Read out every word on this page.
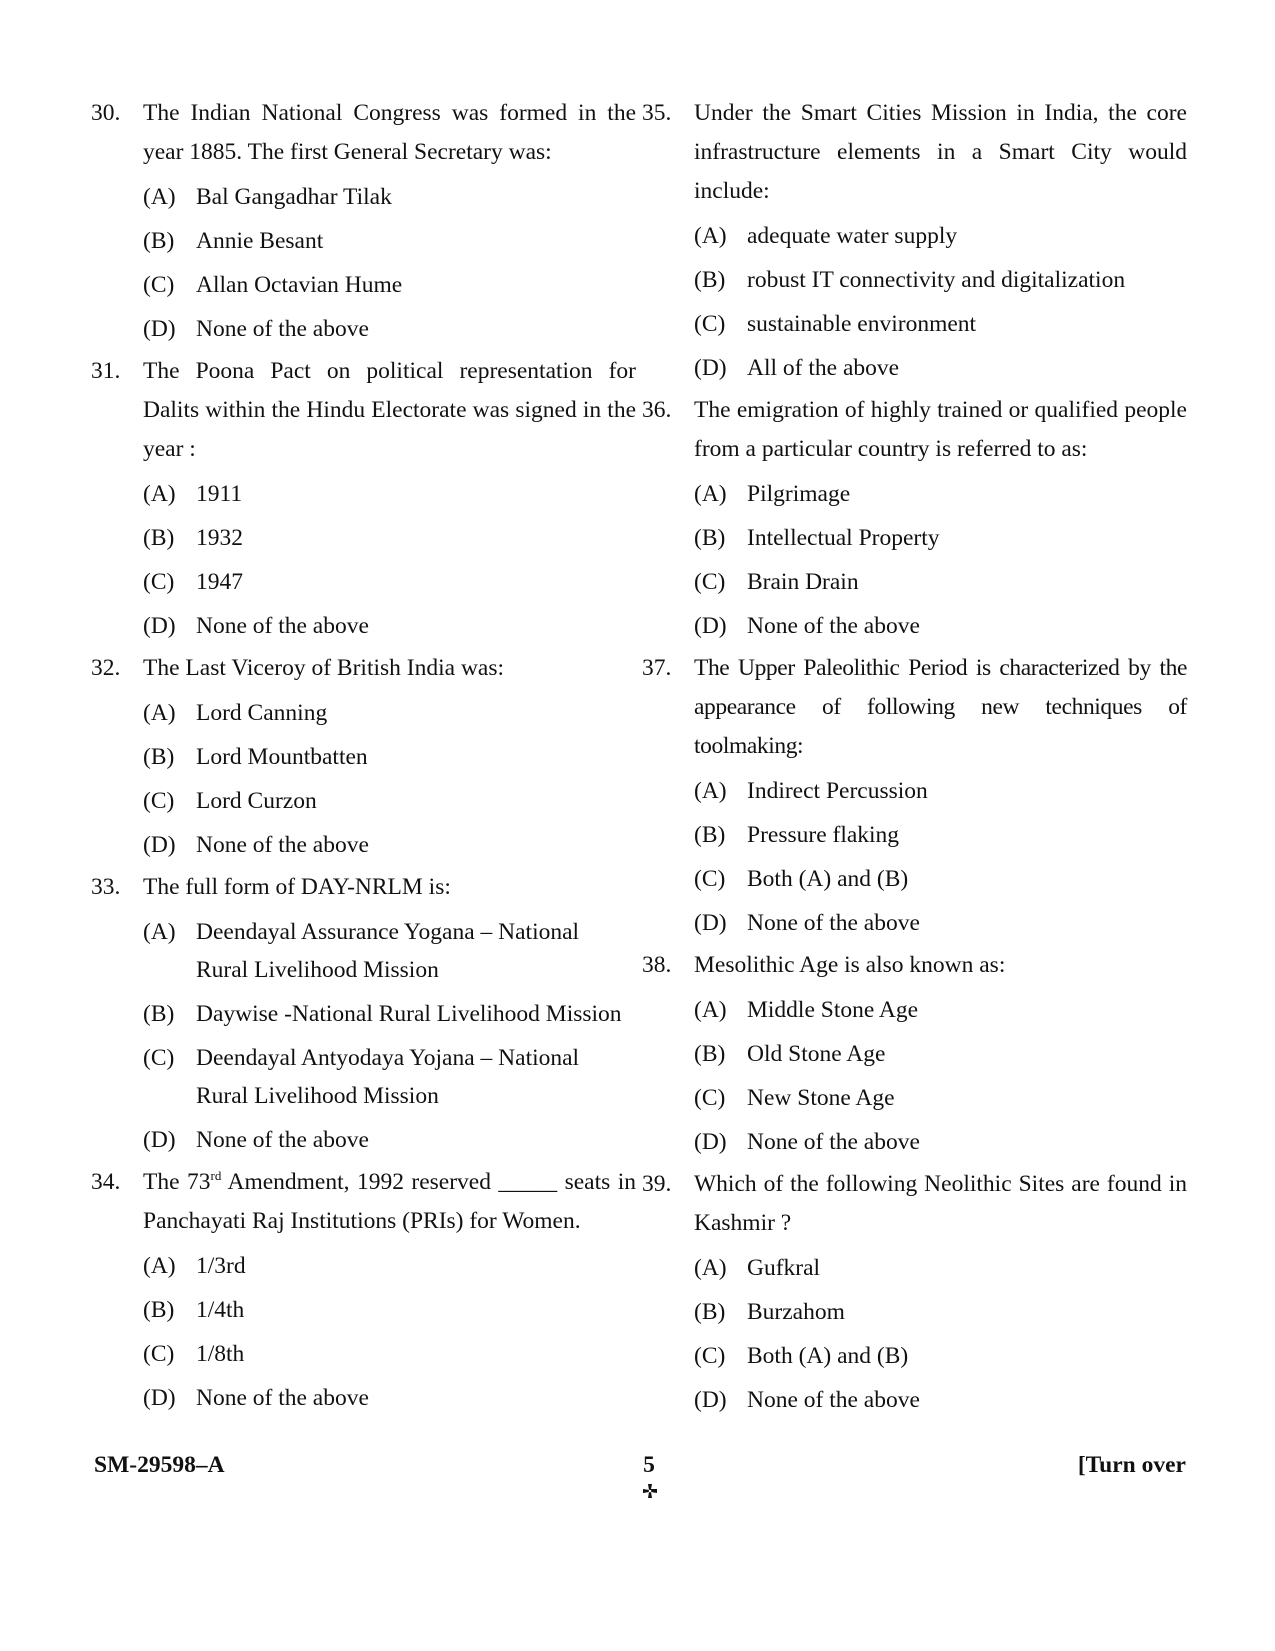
30. The Indian National Congress was formed in the year 1885. The first General Secretary was:
(A) Bal Gangadhar Tilak
(B) Annie Besant
(C) Allan Octavian Hume
(D) None of the above
31. The Poona Pact on political representation for Dalits within the Hindu Electorate was signed in the year :
(A) 1911
(B) 1932
(C) 1947
(D) None of the above
32. The Last Viceroy of British India was:
(A) Lord Canning
(B) Lord Mountbatten
(C) Lord Curzon
(D) None of the above
33. The full form of DAY-NRLM is:
(A) Deendayal Assurance Yogana – National Rural Livelihood Mission
(B) Daywise -National Rural Livelihood Mission
(C) Deendayal Antyodaya Yojana – National Rural Livelihood Mission
(D) None of the above
34. The 73rd Amendment, 1992 reserved _____ seats in Panchayati Raj Institutions (PRIs) for Women.
(A) 1/3rd
(B) 1/4th
(C) 1/8th
(D) None of the above
35. Under the Smart Cities Mission in India, the core infrastructure elements in a Smart City would include:
(A) adequate water supply
(B) robust IT connectivity and digitalization
(C) sustainable environment
(D) All of the above
36. The emigration of highly trained or qualified people from a particular country is referred to as:
(A) Pilgrimage
(B) Intellectual Property
(C) Brain Drain
(D) None of the above
37. The Upper Paleolithic Period is characterized by the appearance of following new techniques of toolmaking:
(A) Indirect Percussion
(B) Pressure flaking
(C) Both (A) and (B)
(D) None of the above
38. Mesolithic Age is also known as:
(A) Middle Stone Age
(B) Old Stone Age
(C) New Stone Age
(D) None of the above
39. Which of the following Neolithic Sites are found in Kashmir ?
(A) Gufkral
(B) Burzahom
(C) Both (A) and (B)
(D) None of the above
SM-29598–A	5	[Turn over
